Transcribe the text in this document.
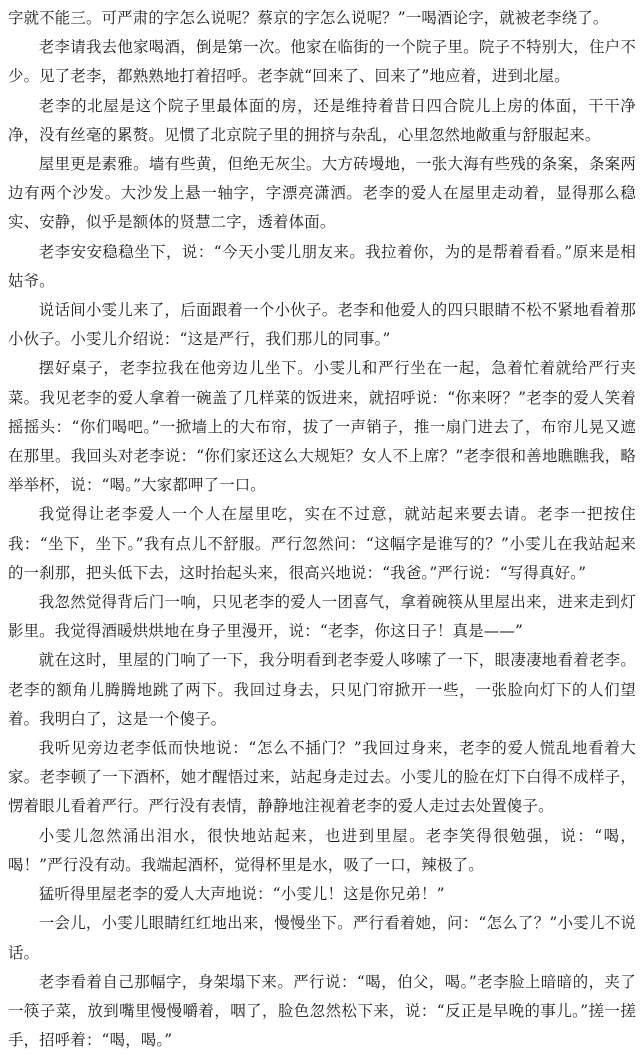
字就不能三。可严肃的字怎么说呢？蔡京的字怎么说呢？”一喝酒论字，就被老李绕了。

老李请我去他家喝酒，倒是第一次。他家在临街的一个院子里。院子不特别大，住户不少。见了老李，都熟熟地打着招呼。老李就“回来了、回来了”地应着，进到北屋。

老李的北屋是这个院子里最体面的房，还是维持着昔日四合院儿上房的体面，干干净净，没有丝毫的累赘。见惯了北京院子里的拥挤与杂乱，心里忽然地敞重与舒服起来。

屋里更是素雅。墙有些黄，但绝无灰尘。大方砖墁地，一张大海有些残的条案，条案两边有两个沙发。大沙发上悬一轴字，字漂亮潇洒。老李的爱人在屋里走动着，显得那么稳实、安静，似乎是额体的贤慧二字，透着体面。

老李安安稳稳坐下，说：“今天小雯儿朋友来。我拉着你，为的是帮着看看。”原来是相姑爷。

说话间小雯儿来了，后面跟着一个小伙子。老李和他爱人的四只眼睛不松不紧地看着那小伙子。小雯儿介绍说：“这是严行，我们那儿的同事。”

摆好桌子，老李拉我在他旁边儿坐下。小雯儿和严行坐在一起，急着忙着就给严行夹菜。我见老李的爱人拿着一碗盖了几样菜的饭进来，就招呼说：“你来呀？”老李的爱人笑着摇摇头：“你们喝吧。”一掀墙上的大布帘，拔了一声销子，推一扇门进去了，布帘儿晃又遮在那里。我回头对老李说：“你们家还这么大规矩？女人不上席？”老李很和善地瞧瞧我，略举举杯，说：“喝。”大家都呷了一口。

我觉得让老李爱人一个人在屋里吃，实在不过意，就站起来要去请。老李一把按住我：“坐下，坐下。”我有点儿不舒服。严行忽然问：“这幅字是谁写的？”小雯儿在我站起来的一刹那，把头低下去，这时抬起头来，很高兴地说：“我爸。”严行说：“写得真好。”

我忽然觉得背后门一响，只见老李的爱人一团喜气，拿着碗筷从里屋出来，进来走到灯影里。我觉得酒暖烘烘地在身子里漫开，说：“老李，你这日子！真是——”

就在这时，里屋的门响了一下，我分明看到老李爱人哆嗦了一下，眼凄凄地看着老李。老李的额角儿腾腾地跳了两下。我回过身去，只见门帘掀开一些，一张脸向灯下的人们望着。我明白了，这是一个傻子。

我听见旁边老李低而快地说：“怎么不插门？”我回过身来，老李的爱人慌乱地看着大家。老李顿了一下酒杯，她才醒悟过来，站起身走过去。小雯儿的脸在灯下白得不成样子，愣着眼儿看着严行。严行没有表情，静静地注视着老李的爱人走过去处置傻子。

小雯儿忽然涌出泪水，很快地站起来，也进到里屋。老李笑得很勉强，说：“喝，喝！”严行没有动。我端起酒杯，觉得杯里是水，吸了一口，辣极了。

猛听得里屋老李的爱人大声地说：“小雯儿！这是你兄弟！”

一会儿，小雯儿眼睛红红地出来，慢慢坐下。严行看着她，问：“怎么了？”小雯儿不说话。

老李看着自己那幅字，身架塌下来。严行说：“喝，伯父，喝。”老李脸上暗暗的，夹了一筷子菜，放到嘴里慢慢嚼着，咽了，脸色忽然松下来，说：“反正是早晚的事儿。”搓一搓手，招呼着：“喝，喝。”
